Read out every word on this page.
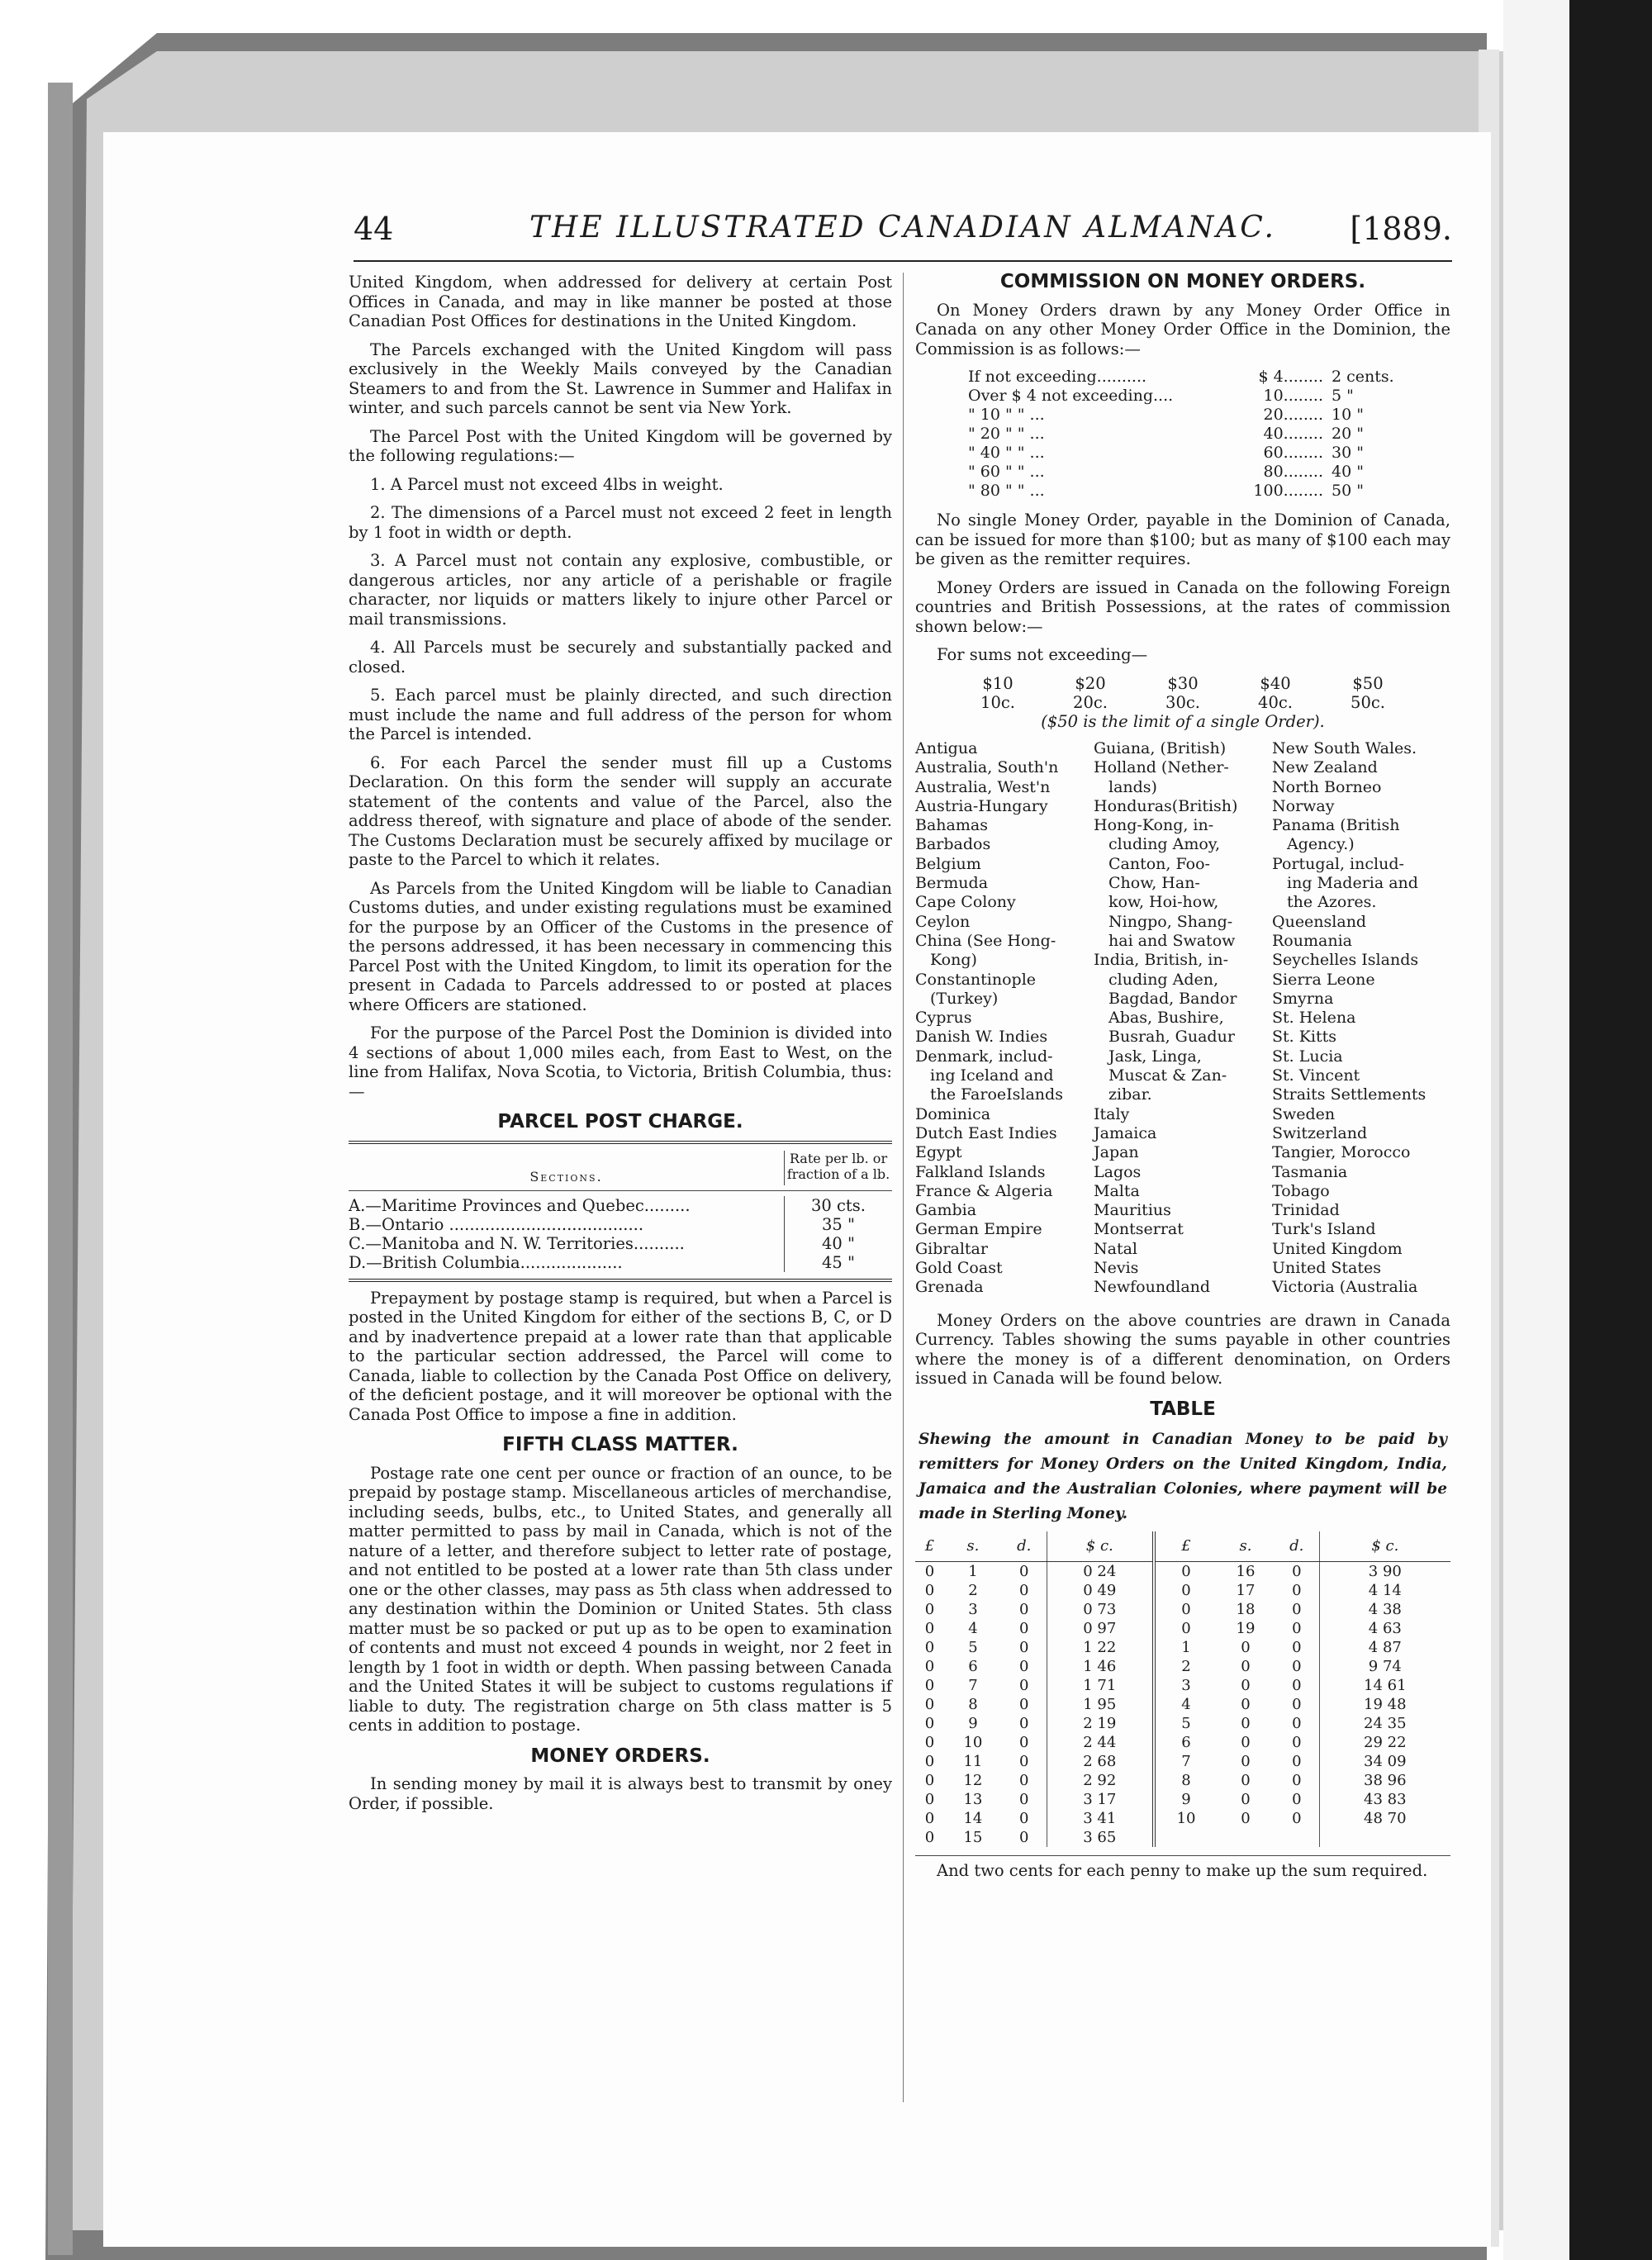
44	THE ILLUSTRATED CANADIAN ALMANAC.	[1889.

United Kingdom, when addressed for delivery at certain Post Offices in Canada, and may in like manner be posted at those Canadian Post Offices for destinations in the United Kingdom.

The Parcels exchanged with the United Kingdom will pass exclusively in the Weekly Mails conveyed by the Canadian Steamers to and from the St. Lawrence in Summer and Halifax in winter, and such parcels cannot be sent via New York.

The Parcel Post with the United Kingdom will be governed by the following regulations:—

1. A Parcel must not exceed 4lbs in weight.

2. The dimensions of a Parcel must not exceed 2 feet in length by 1 foot in width or depth.

3. A Parcel must not contain any explosive, combustible, or dangerous articles, nor any article of a perishable or fragile character, nor liquids or matters likely to injure other Parcel or mail transmissions.

4. All Parcels must be securely and substantially packed and closed.

5. Each parcel must be plainly directed, and such direction must include the name and full address of the person for whom the Parcel is intended.

6. For each Parcel the sender must fill up a Customs Declaration. On this form the sender will supply an accurate statement of the contents and value of the Parcel, also the address thereof, with signature and place of abode of the sender. The Customs Declaration must be securely affixed by mucilage or paste to the Parcel to which it relates.

As Parcels from the United Kingdom will be liable to Canadian Customs duties, and under existing regulations must be examined for the purpose by an Officer of the Customs in the presence of the persons addressed, it has been necessary in commencing this Parcel Post with the United Kingdom, to limit its operation for the present in Cadada to Parcels addressed to or posted at places where Officers are stationed.

For the purpose of the Parcel Post the Dominion is divided into 4 sections of about 1,000 miles each, from East to West, on the line from Halifax, Nova Scotia, to Victoria, British Columbia, thus:—

PARCEL POST CHARGE.
Sections.
Rate per lb. or fraction of a lb.
A.—Maritime Provinces and Quebec.........	30 cts.
B.—Ontario ......................................	35 "
C.—Manitoba and N. W. Territories..........	40 "
D.—British Columbia....................	45 "

Prepayment by postage stamp is required, but when a Parcel is posted in the United Kingdom for either of the sections B, C, or D and by inadvertence prepaid at a lower rate than that applicable to the particular section addressed, the Parcel will come to Canada, liable to collection by the Canada Post Office on delivery, of the deficient postage, and it will moreover be optional with the Canada Post Office to impose a fine in addition.

FIFTH CLASS MATTER.

Postage rate one cent per ounce or fraction of an ounce, to be prepaid by postage stamp. Miscellaneous articles of merchandise, including seeds, bulbs, etc., to United States, and generally all matter permitted to pass by mail in Canada, which is not of the nature of a letter, and therefore subject to letter rate of postage, and not entitled to be posted at a lower rate than 5th class under one or the other classes, may pass as 5th class when addressed to any destination within the Dominion or United States. 5th class matter must be so packed or put up as to be open to examination of contents and must not exceed 4 pounds in weight, nor 2 feet in length by 1 foot in width or depth. When passing between Canada and the United States it will be subject to customs regulations if liable to duty. The registration charge on 5th class matter is 5 cents in addition to postage.

MONEY ORDERS.

In sending money by mail it is always best to transmit by oney Order, if possible.

COMMISSION ON MONEY ORDERS.

On Money Orders drawn by any Money Order Office in Canada on any other Money Order Office in the Dominion, the Commission is as follows:—

If not exceeding..........	$ 4........ 2 cents.
Over $ 4 not exceeding....	10........ 5 "
" 10 " " ...	20........ 10 "
" 20 " " ...	40........ 20 "
" 40 " " ...	60........ 30 "
" 60 " " ...	80........ 40 "
" 80 " " ...	100........ 50 "

No single Money Order, payable in the Dominion of Canada, can be issued for more than $100; but as many of $100 each may be given as the remitter requires.

Money Orders are issued in Canada on the following Foreign countries and British Possessions, at the rates of commission shown below:—

For sums not exceeding—

$10	$20	$30	$40	$50
10c.	20c.	30c.	40c.	50c.
($50 is the limit of a single Order).
Antigua
Australia, South'n
Australia, West'n
Austria-Hungary
Bahamas
Barbados
Belgium
Bermuda
Cape Colony
Ceylon
China (See Hong-
Kong)
Constantinople
(Turkey)
Cyprus
Danish W. Indies
Denmark, includ-
ing Iceland and
the FaroeIslands
Dominica
Dutch East Indies
Egypt
Falkland Islands
France & Algeria
Gambia
German Empire
Gibraltar
Gold Coast
Grenada
Guiana, (British)
Holland (Nether-
lands)
Honduras(British)
Hong-Kong, in-
cluding Amoy,
Canton, Foo-
Chow, Han-
kow, Hoi-how,
Ningpo, Shang-
hai and Swatow
India, British, in-
cluding Aden,
Bagdad, Bandor
Abas, Bushire,
Busrah, Guadur
Jask, Linga,
Muscat & Zan-
zibar.
Italy
Jamaica
Japan
Lagos
Malta
Mauritius
Montserrat
Natal
Nevis
Newfoundland
New South Wales.
New Zealand
North Borneo
Norway
Panama (British
Agency.)
Portugal, includ-
ing Maderia and
the Azores.
Queensland
Roumania
Seychelles Islands
Sierra Leone
Smyrna
St. Helena
St. Kitts
St. Lucia
St. Vincent
Straits Settlements
Sweden
Switzerland
Tangier, Morocco
Tasmania
Tobago
Trinidad
Turk's Island
United Kingdom
United States
Victoria (Australia

Money Orders on the above countries are drawn in Canada Currency. Tables showing the sums payable in other countries where the money is of a different denomination, on Orders issued in Canada will be found below.

TABLE
Shewing the amount in Canadian Money to be paid by remitters for Money Orders on the United Kingdom, India, Jamaica and the Australian Colonies, where payment will be made in Sterling Money.
£	s.	d.	$ c.	£	s.	d.	$ c.
0	1	0	0 24	0	16	0	3 90
0	2	0	0 49	0	17	0	4 14
0	3	0	0 73	0	18	0	4 38
0	4	0	0 97	0	19	0	4 63
0	5	0	1 22	1	0	0	4 87
0	6	0	1 46	2	0	0	9 74
0	7	0	1 71	3	0	0	14 61
0	8	0	1 95	4	0	0	19 48
0	9	0	2 19	5	0	0	24 35
0	10	0	2 44	6	0	0	29 22
0	11	0	2 68	7	0	0	34 09
0	12	0	2 92	8	0	0	38 96
0	13	0	3 17	9	0	0	43 83
0	14	0	3 41	10	0	0	48 70
0	15	0	3 65				

And two cents for each penny to make up the sum required.
